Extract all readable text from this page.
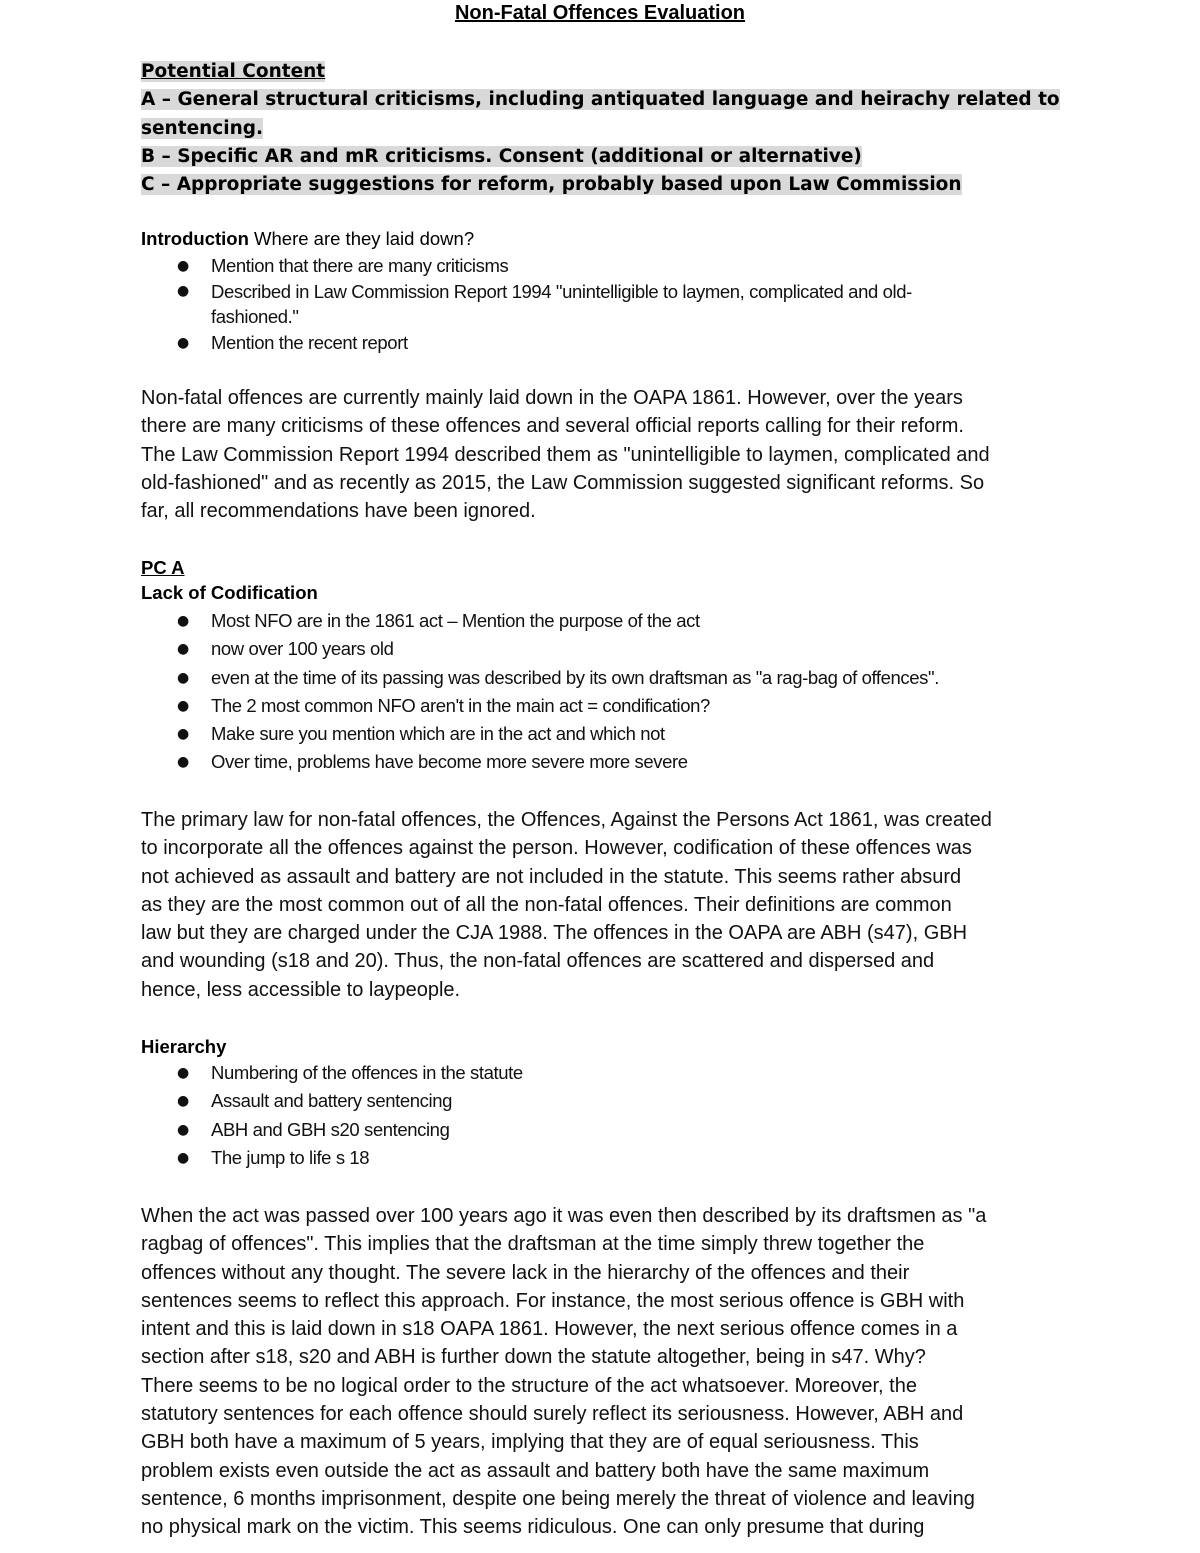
Non-Fatal Offences Evaluation
Potential Content
A – General structural criticisms, including antiquated language and heirachy related to
sentencing.
B – Specific AR and mR criticisms. Consent (additional or alternative)
C – Appropriate suggestions for reform, probably based upon Law Commission
Introduction Where are they laid down?
● Mention that there are many criticisms
● Described in Law Commission Report 1994 "unintelligible to laymen, complicated and old-
fashioned."
● Mention the recent report
Non-fatal offences are currently mainly laid down in the OAPA 1861. However, over the years
there are many criticisms of these offences and several official reports calling for their reform.
The Law Commission Report 1994 described them as "unintelligible to laymen, complicated and
old-fashioned" and as recently as 2015, the Law Commission suggested significant reforms. So
far, all recommendations have been ignored.
PC A
Lack of Codification
● Most NFO are in the 1861 act – Mention the purpose of the act
● now over 100 years old
● even at the time of its passing was described by its own draftsman as "a rag-bag of offences".
● The 2 most common NFO aren't in the main act = condification?
● Make sure you mention which are in the act and which not
● Over time, problems have become more severe more severe
The primary law for non-fatal offences, the Offences, Against the Persons Act 1861, was created
to incorporate all the offences against the person. However, codification of these offences was
not achieved as assault and battery are not included in the statute. This seems rather absurd
as they are the most common out of all the non-fatal offences. Their definitions are common
law but they are charged under the CJA 1988. The offences in the OAPA are ABH (s47), GBH
and wounding (s18 and 20). Thus, the non-fatal offences are scattered and dispersed and
hence, less accessible to laypeople.
Hierarchy
● Numbering of the offences in the statute
● Assault and battery sentencing
● ABH and GBH s20 sentencing
● The jump to life s 18
When the act was passed over 100 years ago it was even then described by its draftsmen as "a
ragbag of offences". This implies that the draftsman at the time simply threw together the
offences without any thought. The severe lack in the hierarchy of the offences and their
sentences seems to reflect this approach. For instance, the most serious offence is GBH with
intent and this is laid down in s18 OAPA 1861. However, the next serious offence comes in a
section after s18, s20 and ABH is further down the statute altogether, being in s47. Why?
There seems to be no logical order to the structure of the act whatsoever. Moreover, the
statutory sentences for each offence should surely reflect its seriousness. However, ABH and
GBH both have a maximum of 5 years, implying that they are of equal seriousness. This
problem exists even outside the act as assault and battery both have the same maximum
sentence, 6 months imprisonment, despite one being merely the threat of violence and leaving
no physical mark on the victim. This seems ridiculous. One can only presume that during
